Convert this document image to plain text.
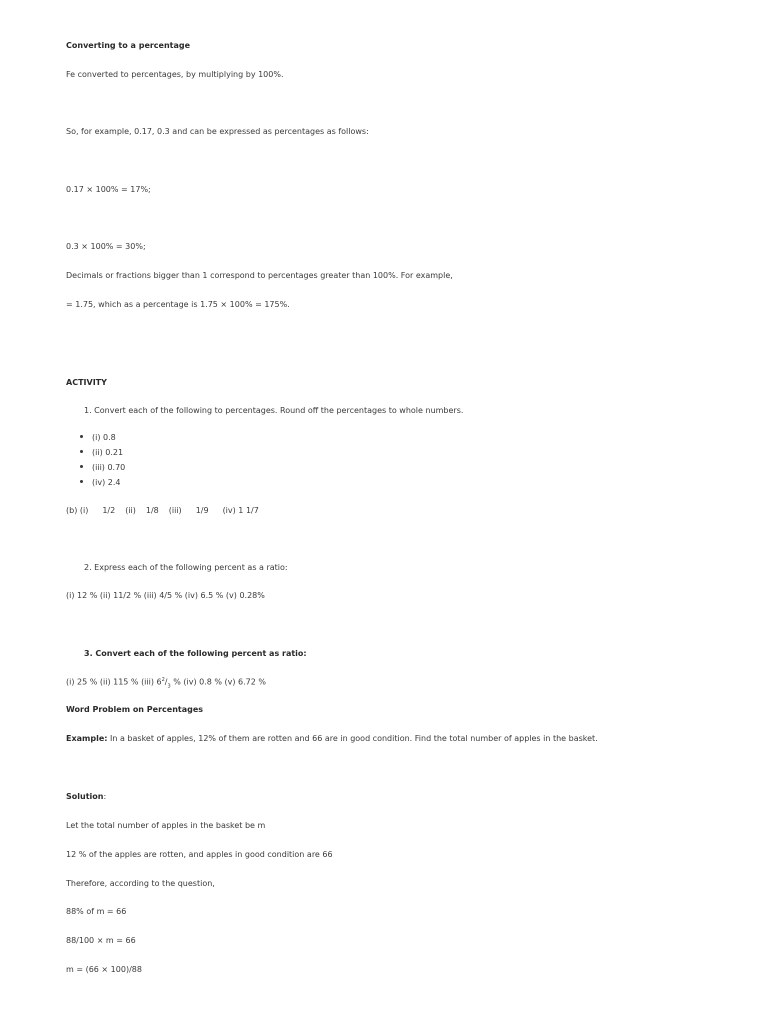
Converting to a percentage
Fe converted to percentages, by multiplying by 100%.
So, for example, 0.17, 0.3 and can be expressed as percentages as follows:
0.17 × 100% = 17%;
0.3 × 100% = 30%;
Decimals or fractions bigger than 1 correspond to percentages greater than 100%. For example,
= 1.75, which as a percentage is 1.75 × 100% = 175%.
ACTIVITY
1. Convert each of the following to percentages. Round off the percentages to whole numbers.
(i) 0.8
(ii) 0.21
(iii) 0.70
(iv) 2.4
(b) (i) 1/2 (ii) 1/8 (iii) 1/9 (iv) 1 1/7
2. Express each of the following percent as a ratio:
(i) 12 % (ii) 11/2 % (iii) 4/5 % (iv) 6.5 % (v) 0.28%
3. Convert each of the following percent as ratio:
(i) 25 % (ii) 115 % (iii) $6^2/_3$ % (iv) 0.8 % (v) 6.72 %
Word Problem on Percentages
Example: In a basket of apples, 12% of them are rotten and 66 are in good condition. Find the total number of apples in the basket.
Solution:
Let the total number of apples in the basket be m
12 % of the apples are rotten, and apples in good condition are 66
Therefore, according to the question,
88% of m = 66
88/100 × m = 66
m = (66 × 100)/88
